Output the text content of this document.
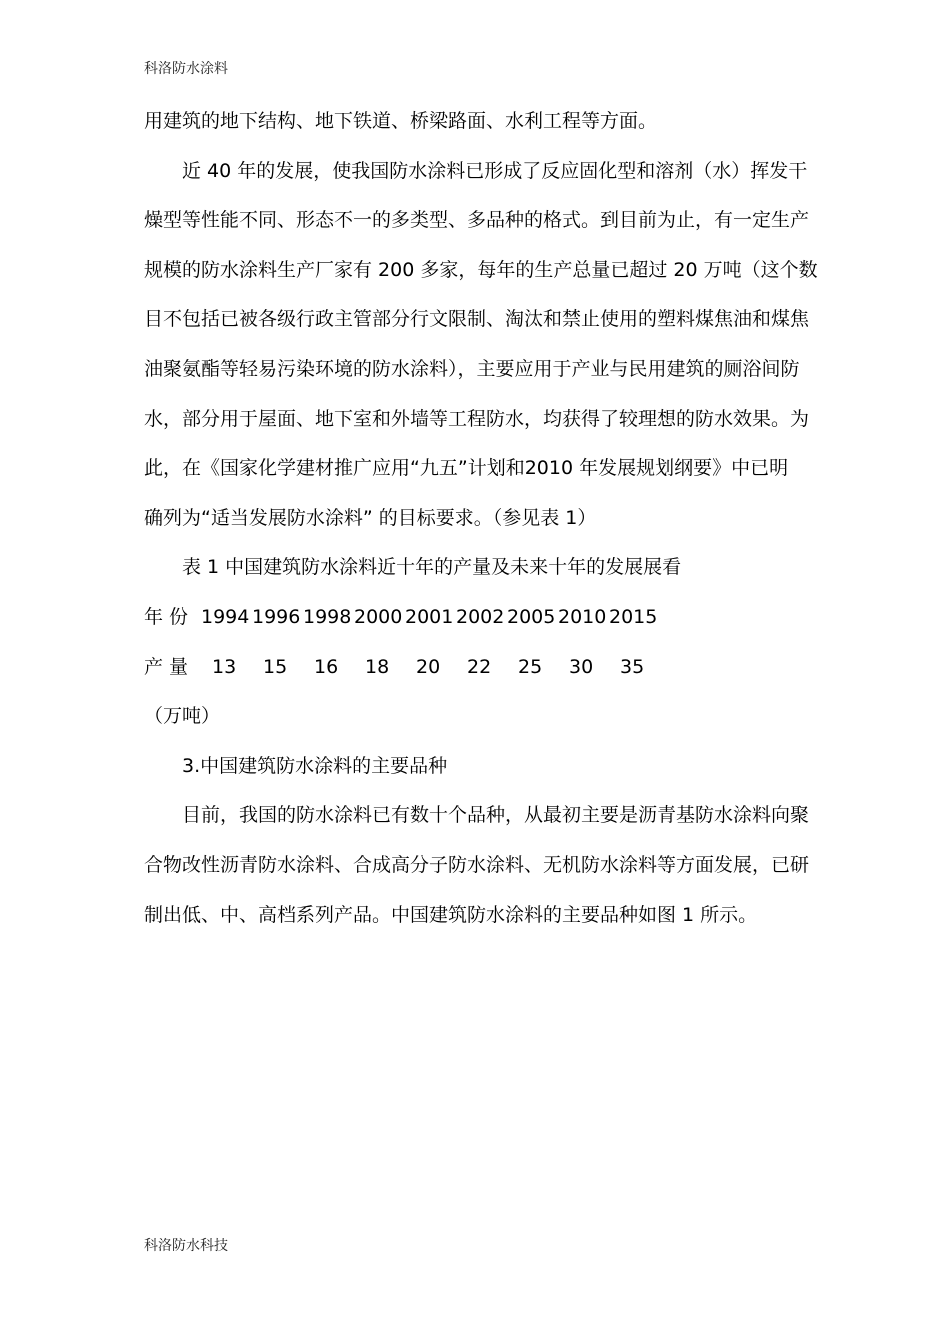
科洛防水涂料
用建筑的地下结构、地下铁道、桥梁路面、水利工程等方面。
近 40 年的发展，使我国防水涂料已形成了反应固化型和溶剂（水）挥发干
燥型等性能不同、形态不一的多类型、多品种的格式。到目前为止，有一定生产
规模的防水涂料生产厂家有 200 多家，每年的生产总量已超过 20 万吨（这个数
目不包括已被各级行政主管部分行文限制、淘汰和禁止使用的塑料煤焦油和煤焦
油聚氨酯等轻易污染环境的防水涂料），主要应用于产业与民用建筑的厕浴间防
水，部分用于屋面、地下室和外墙等工程防水，均获得了较理想的防水效果。为
此，在《国家化学建材推广应用“九五”计划和2010 年发展规划纲要》中已明
确列为“适当发展防水涂料” 的目标要求。（参见表 1）
表 1 中国建筑防水涂料近十年的产量及未来十年的发展展看
年 份 1994 1996 1998 2000 2001 2002 2005 2010 2015
产 量 13 15 16 18 20 22 25 30 35
（万吨）
3.中国建筑防水涂料的主要品种
目前，我国的防水涂料已有数十个品种，从最初主要是沥青基防水涂料向聚
合物改性沥青防水涂料、合成高分子防水涂料、无机防水涂料等方面发展，已研
制出低、中、高档系列产品。中国建筑防水涂料的主要品种如图 1 所示。
科洛防水科技
